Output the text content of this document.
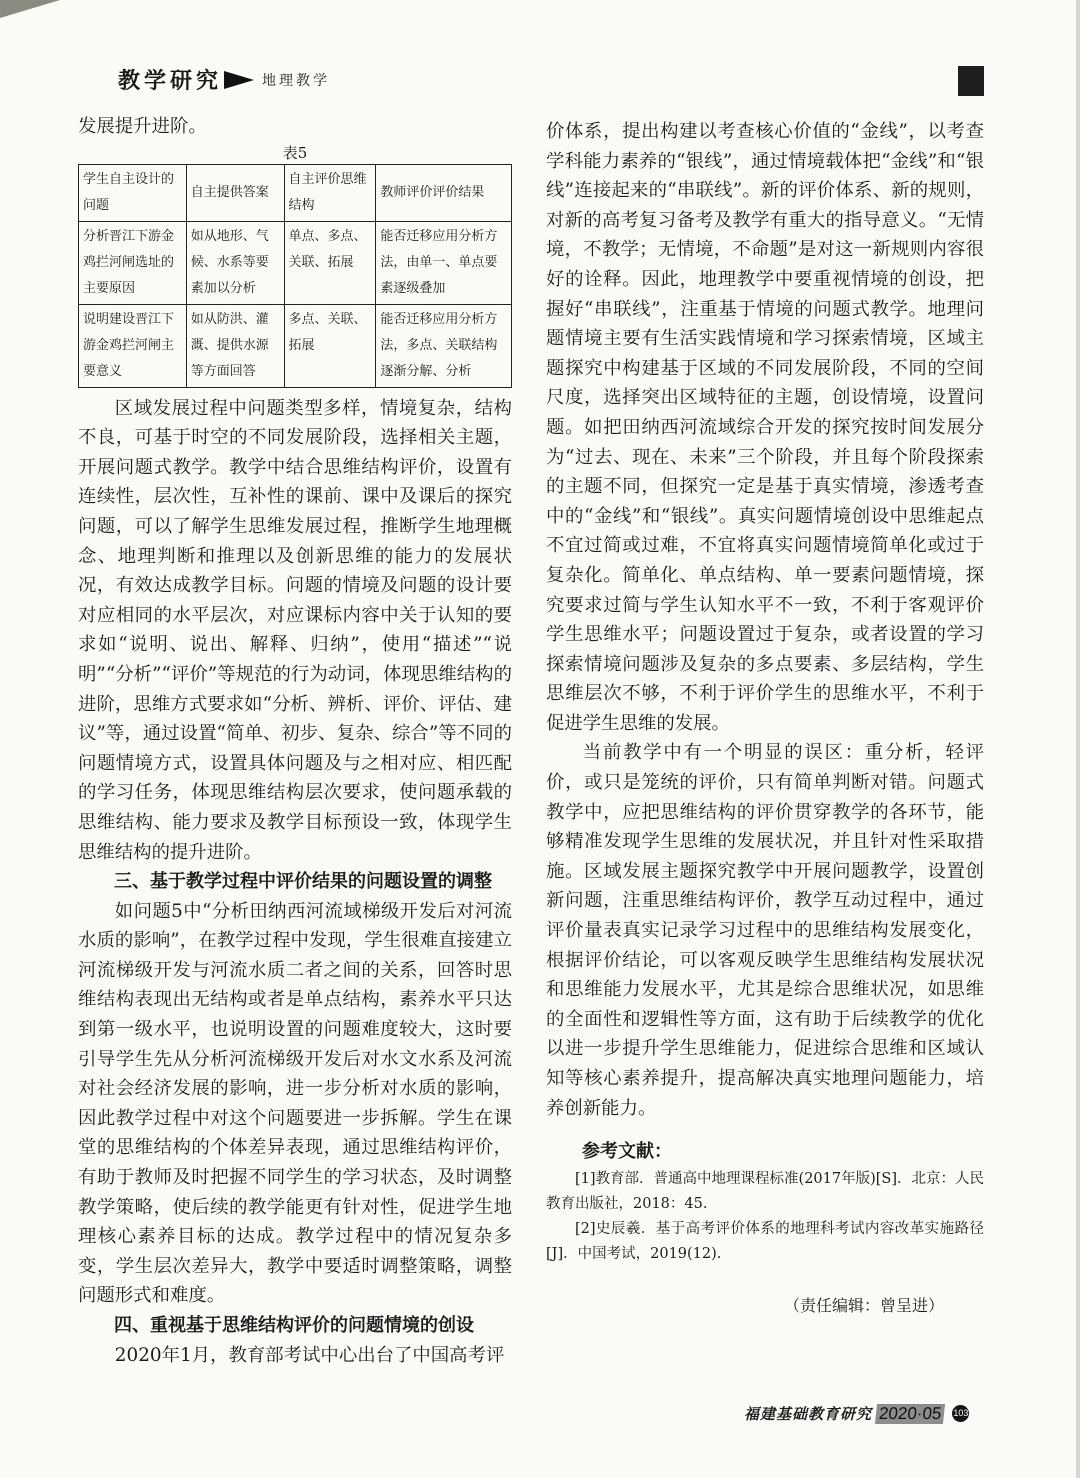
教学研究	地理教学

发展提升进阶。

表5

学生自主设计的问题	自主提供答案	自主评价思维结构	教师评价评价结果
分析晋江下游金鸡拦河闸选址的主要原因	如从地形、气候、水系等要素加以分析	单点、多点、关联、拓展	能否迁移应用分析方法，由单一、单点要素逐级叠加
说明建设晋江下游金鸡拦河闸主要意义	如从防洪、灌溉、提供水源等方面回答	多点、关联、拓展	能否迁移应用分析方法，多点、关联结构逐渐分解、分析

区域发展过程中问题类型多样，情境复杂，结构不良，可基于时空的不同发展阶段，选择相关主题，开展问题式教学。教学中结合思维结构评价，设置有连续性，层次性，互补性的课前、课中及课后的探究问题，可以了解学生思维发展过程，推断学生地理概念、地理判断和推理以及创新思维的能力的发展状况，有效达成教学目标。问题的情境及问题的设计要对应相同的水平层次，对应课标内容中关于认知的要求如“说明、说出、解释、归纳”，使用“描述”“说明”“分析”“评价”等规范的行为动词，体现思维结构的进阶，思维方式要求如“分析、辨析、评价、评估、建议”等，通过设置“简单、初步、复杂、综合”等不同的问题情境方式，设置具体问题及与之相对应、相匹配的学习任务，体现思维结构层次要求，使问题承载的思维结构、能力要求及教学目标预设一致，体现学生思维结构的提升进阶。

三、基于教学过程中评价结果的问题设置的调整

如问题5中“分析田纳西河流域梯级开发后对河流水质的影响”，在教学过程中发现，学生很难直接建立河流梯级开发与河流水质二者之间的关系，回答时思维结构表现出无结构或者是单点结构，素养水平只达到第一级水平，也说明设置的问题难度较大，这时要引导学生先从分析河流梯级开发后对水文水系及河流对社会经济发展的影响，进一步分析对水质的影响，因此教学过程中对这个问题要进一步拆解。学生在课堂的思维结构的个体差异表现，通过思维结构评价，有助于教师及时把握不同学生的学习状态，及时调整教学策略，使后续的教学能更有针对性，促进学生地理核心素养目标的达成。教学过程中的情况复杂多变，学生层次差异大，教学中要适时调整策略，调整问题形式和难度。

四、重视基于思维结构评价的问题情境的创设

2020年1月，教育部考试中心出台了中国高考评

价体系，提出构建以考查核心价值的“金线”，以考查学科能力素养的“银线”，通过情境载体把“金线”和“银线”连接起来的“串联线”。新的评价体系、新的规则，对新的高考复习备考及教学有重大的指导意义。“无情境，不教学；无情境，不命题”是对这一新规则内容很好的诠释。因此，地理教学中要重视情境的创设，把握好“串联线”，注重基于情境的问题式教学。地理问题情境主要有生活实践情境和学习探索情境，区域主题探究中构建基于区域的不同发展阶段，不同的空间尺度，选择突出区域特征的主题，创设情境，设置问题。如把田纳西河流域综合开发的探究按时间发展分为“过去、现在、未来”三个阶段，并且每个阶段探索的主题不同，但探究一定是基于真实情境，渗透考查中的“金线”和“银线”。真实问题情境创设中思维起点不宜过简或过难，不宜将真实问题情境简单化或过于复杂化。简单化、单点结构、单一要素问题情境，探究要求过简与学生认知水平不一致，不利于客观评价学生思维水平；问题设置过于复杂，或者设置的学习探索情境问题涉及复杂的多点要素、多层结构，学生思维层次不够，不利于评价学生的思维水平，不利于促进学生思维的发展。

当前教学中有一个明显的误区：重分析，轻评价，或只是笼统的评价，只有简单判断对错。问题式教学中，应把思维结构的评价贯穿教学的各环节，能够精准发现学生思维的发展状况，并且针对性采取措施。区域发展主题探究教学中开展问题教学，设置创新问题，注重思维结构评价，教学互动过程中，通过评价量表真实记录学习过程中的思维结构发展变化，根据评价结论，可以客观反映学生思维结构发展状况和思维能力发展水平，尤其是综合思维状况，如思维的全面性和逻辑性等方面，这有助于后续教学的优化以进一步提升学生思维能力，促进综合思维和区域认知等核心素养提升，提高解决真实地理问题能力，培养创新能力。

参考文献：

[1]教育部．普通高中地理课程标准(2017年版)[S]．北京：人民教育出版社，2018：45.

[2]史辰羲．基于高考评价体系的地理科考试内容改革实施路径[J]．中国考试，2019(12).

（责任编辑：曾呈进）

福建基础教育研究 2020·05	103
